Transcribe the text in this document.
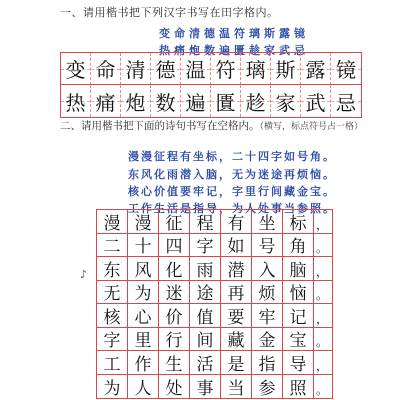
一、请用楷书把下列汉字书写在田字格内。
变命清德温符璃斯露镜
热痛炮数遍匱趁家武忌
变 命 清 德 温 符 璃 斯 露 镜
热 痛 炮 数 遍 匱 趁 家 武 忌
二、请用楷书把下面的诗句书写在空格内。（横写，标点符号占一格）
漫漫征程有坐标，二十四字如号角。
东风化雨潜入脑，无为迷途再烦恼。
核心价值要牢记，字里行间藏金宝。
工作生活是指导，为人处事当参照。
♪
漫 漫 征 程 有 坐 标 ，
二 十 四 字 如 号 角 。
东 风 化 雨 潜 入 脑 ，
无 为 迷 途 再 烦 恼 。
核 心 价 值 要 牢 记 ，
字 里 行 间 藏 金 宝 。
工 作 生 活 是 指 导 ，
为 人 处 事 当 参 照 。
